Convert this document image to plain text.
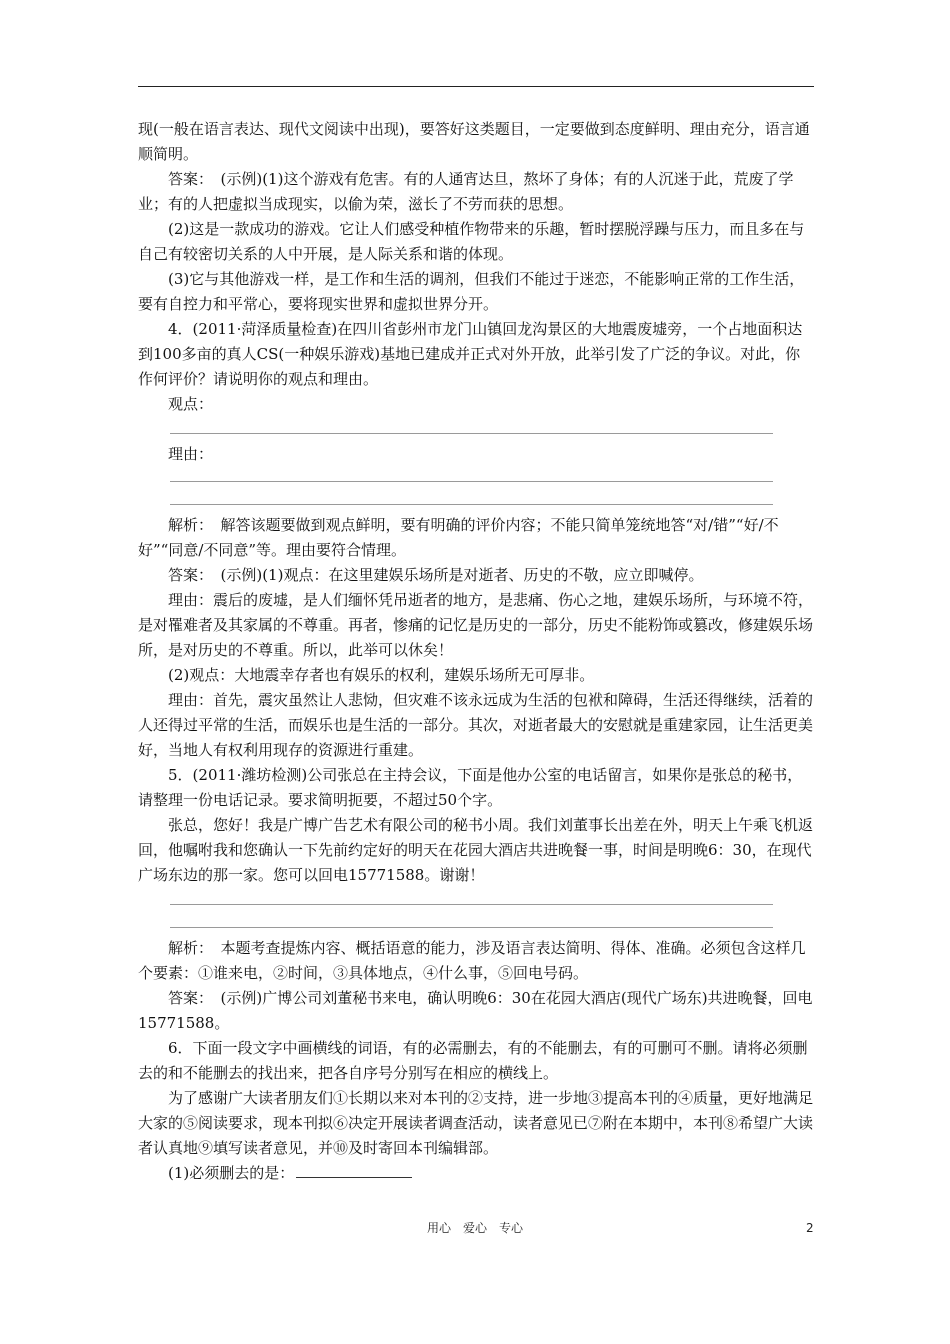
现(一般在语言表达、现代文阅读中出现)，要答好这类题目，一定要做到态度鲜明、理由充分，语言通顺简明。

答案：　(示例)(1)这个游戏有危害。有的人通宵达旦，熬坏了身体；有的人沉迷于此，荒废了学业；有的人把虚拟当成现实，以偷为荣，滋长了不劳而获的思想。

(2)这是一款成功的游戏。它让人们感受种植作物带来的乐趣，暂时摆脱浮躁与压力，而且多在与自己有较密切关系的人中开展，是人际关系和谐的体现。

(3)它与其他游戏一样，是工作和生活的调剂，但我们不能过于迷恋，不能影响正常的工作生活，要有自控力和平常心，要将现实世界和虚拟世界分开。

4．(2011·菏泽质量检查)在四川省彭州市龙门山镇回龙沟景区的大地震废墟旁，一个占地面积达到100多亩的真人CS(一种娱乐游戏)基地已建成并正式对外开放，此举引发了广泛的争议。对此，你作何评价？请说明你的观点和理由。

观点：

理由：

解析：　解答该题要做到观点鲜明，要有明确的评价内容；不能只简单笼统地答“对/错”“好/不好”“同意/不同意”等。理由要符合情理。

答案：　(示例)(1)观点：在这里建娱乐场所是对逝者、历史的不敬，应立即喊停。

理由：震后的废墟，是人们缅怀凭吊逝者的地方，是悲痛、伤心之地，建娱乐场所，与环境不符，是对罹难者及其家属的不尊重。再者，惨痛的记忆是历史的一部分，历史不能粉饰或篡改，修建娱乐场所，是对历史的不尊重。所以，此举可以休矣！

(2)观点：大地震幸存者也有娱乐的权利，建娱乐场所无可厚非。

理由：首先，震灾虽然让人悲恸，但灾难不该永远成为生活的包袱和障碍，生活还得继续，活着的人还得过平常的生活，而娱乐也是生活的一部分。其次，对逝者最大的安慰就是重建家园，让生活更美好，当地人有权利用现存的资源进行重建。

5．(2011·潍坊检测)公司张总在主持会议，下面是他办公室的电话留言，如果你是张总的秘书，请整理一份电话记录。要求简明扼要，不超过50个字。

张总，您好！我是广博广告艺术有限公司的秘书小周。我们刘董事长出差在外，明天上午乘飞机返回，他嘱咐我和您确认一下先前约定好的明天在花园大酒店共进晚餐一事，时间是明晚6：30，在现代广场东边的那一家。您可以回电15771588。谢谢！

解析：　本题考查提炼内容、概括语意的能力，涉及语言表达简明、得体、准确。必须包含这样几个要素：①谁来电，②时间，③具体地点，④什么事，⑤回电号码。

答案：　(示例)广博公司刘董秘书来电，确认明晚6：30在花园大酒店(现代广场东)共进晚餐，回电15771588。

6．下面一段文字中画横线的词语，有的必需删去，有的不能删去，有的可删可不删。请将必须删去的和不能删去的找出来，把各自序号分别写在相应的横线上。

为了感谢广大读者朋友们①长期以来对本刊的②支持，进一步地③提高本刊的④质量，更好地满足大家的⑤阅读要求，现本刊拟⑥决定开展读者调查活动，读者意见已⑦附在本期中，本刊⑧希望广大读者认真地⑨填写读者意见，并⑩及时寄回本刊编辑部。

(1)必须删去的是：

用心　爱心　专心	2
